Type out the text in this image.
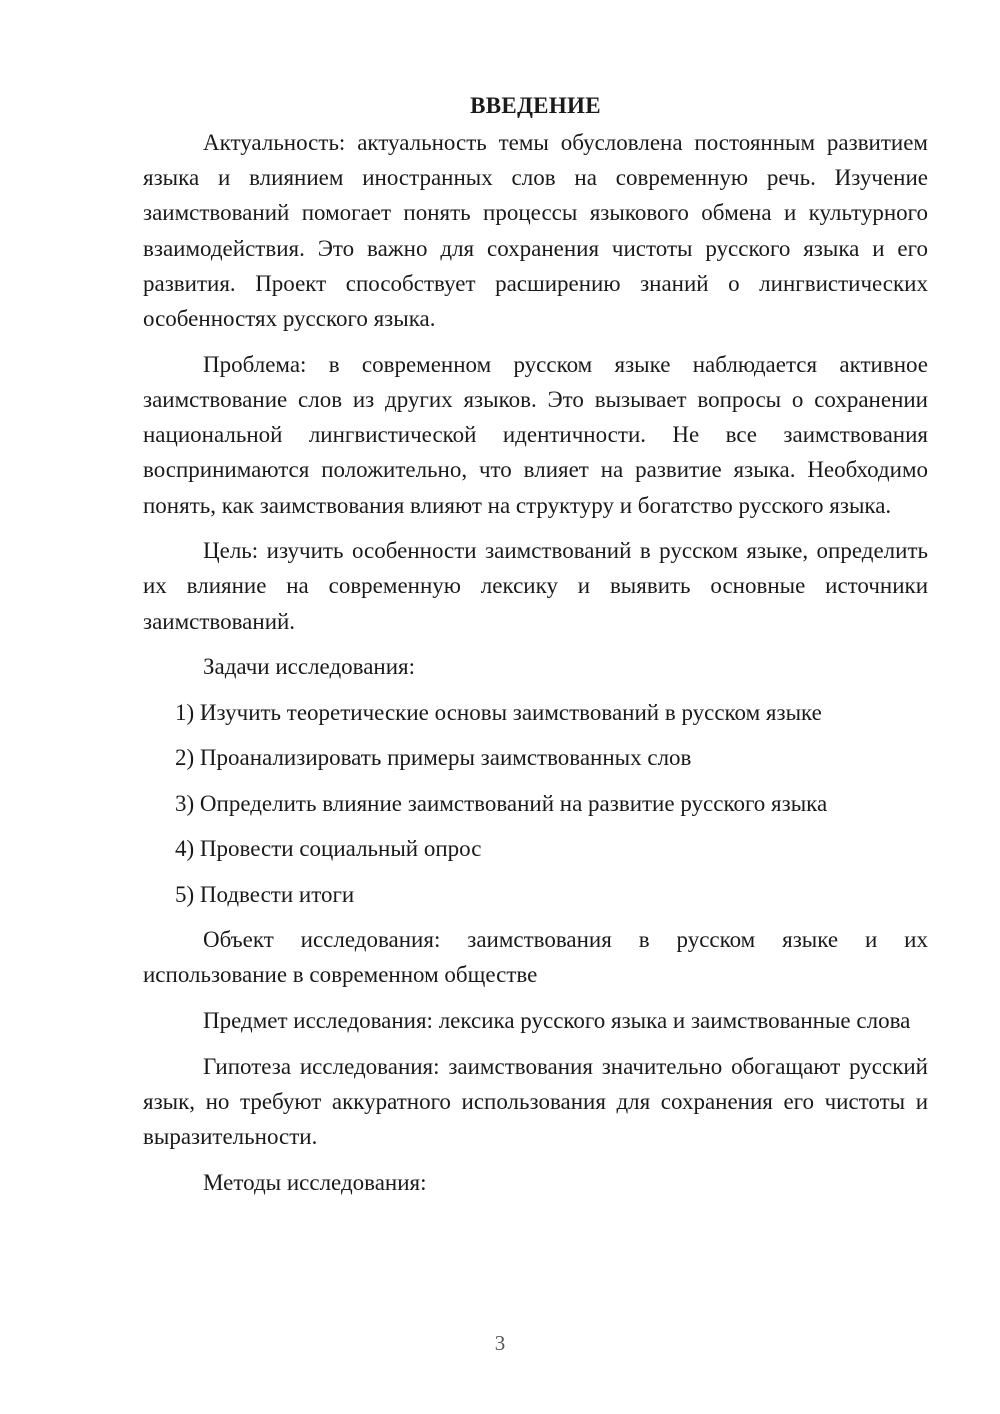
ВВЕДЕНИЕ

Актуальность: актуальность темы обусловлена постоянным развитием языка и влиянием иностранных слов на современную речь. Изучение заимствований помогает понять процессы языкового обмена и культурного взаимодействия. Это важно для сохранения чистоты русского языка и его развития. Проект способствует расширению знаний о лингвистических особенностях русского языка.

Проблема: в современном русском языке наблюдается активное заимствование слов из других языков. Это вызывает вопросы о сохранении национальной лингвистической идентичности. Не все заимствования воспринимаются положительно, что влияет на развитие языка. Необходимо понять, как заимствования влияют на структуру и богатство русского языка.

Цель: изучить особенности заимствований в русском языке, определить их влияние на современную лексику и выявить основные источники заимствований.

Задачи исследования:

1) Изучить теоретические основы заимствований в русском языке
2) Проанализировать примеры заимствованных слов
3) Определить влияние заимствований на развитие русского языка
4) Провести социальный опрос
5) Подвести итоги

Объект исследования: заимствования в русском языке и их использование в современном обществе

Предмет исследования: лексика русского языка и заимствованные слова

Гипотеза исследования: заимствования значительно обогащают русский язык, но требуют аккуратного использования для сохранения его чистоты и выразительности.

Методы исследования:

3
